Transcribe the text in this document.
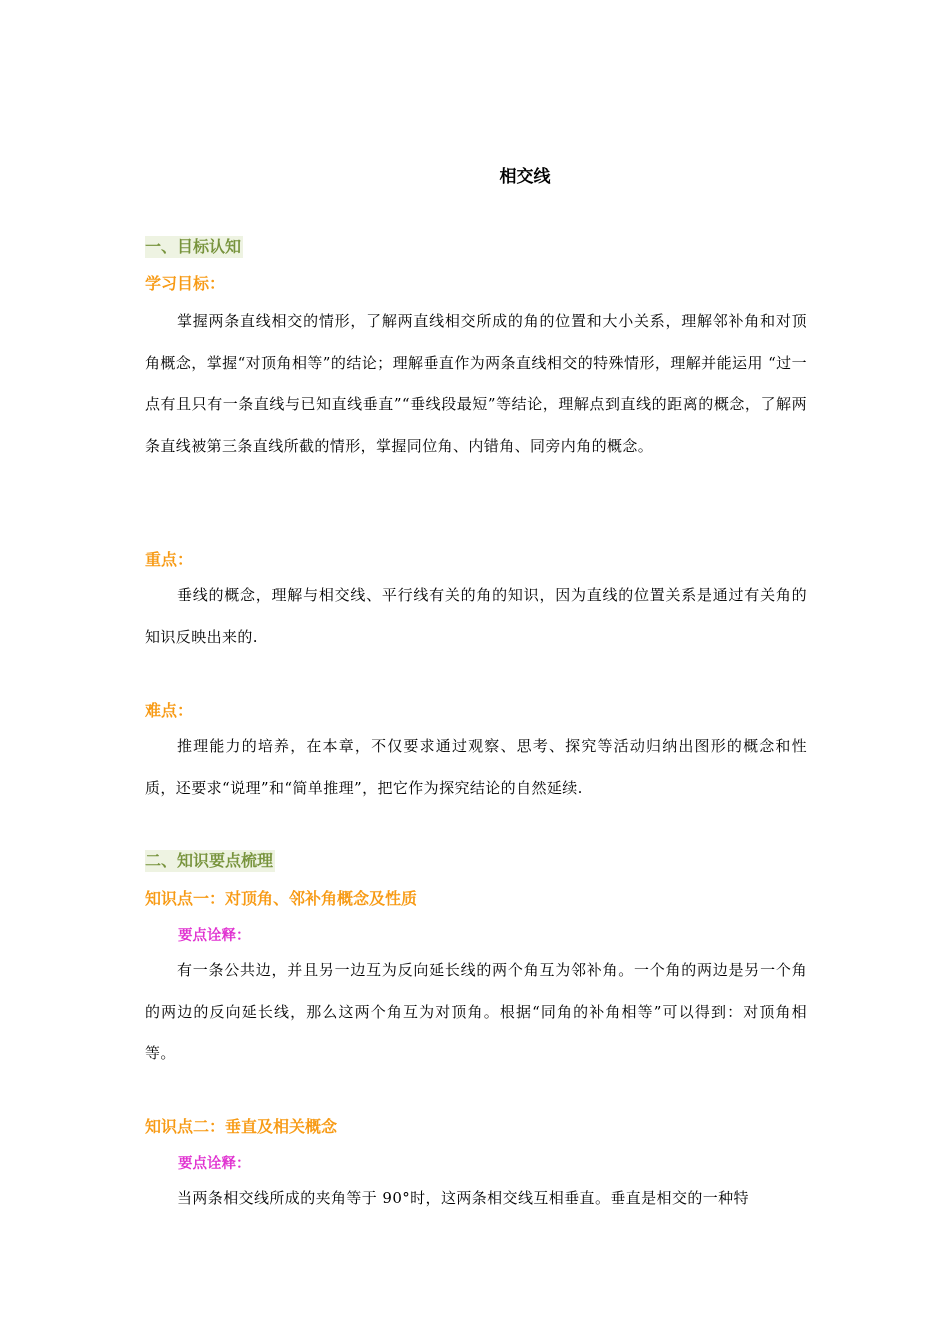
相交线
一、目标认知
学习目标：
掌握两条直线相交的情形，了解两直线相交所成的角的位置和大小关系，理解邻补角和对顶角概念，掌握“对顶角相等”的结论；理解垂直作为两条直线相交的特殊情形，理解并能运用 “过一点有且只有一条直线与已知直线垂直”“垂线段最短”等结论，理解点到直线的距离的概念，了解两条直线被第三条直线所截的情形，掌握同位角、内错角、同旁内角的概念。
重点：
垂线的概念，理解与相交线、平行线有关的角的知识，因为直线的位置关系是通过有关角的知识反映出来的.
难点：
推理能力的培养，在本章，不仅要求通过观察、思考、探究等活动归纳出图形的概念和性质，还要求“说理”和“简单推理”，把它作为探究结论的自然延续.
二、知识要点梳理
知识点一：对顶角、邻补角概念及性质
要点诠释：
有一条公共边，并且另一边互为反向延长线的两个角互为邻补角。一个角的两边是另一个角的两边的反向延长线，那么这两个角互为对顶角。根据“同角的补角相等”可以得到：对顶角相等。
知识点二：垂直及相关概念
要点诠释：
当两条相交线所成的夹角等于 90°时，这两条相交线互相垂直。垂直是相交的一种特
